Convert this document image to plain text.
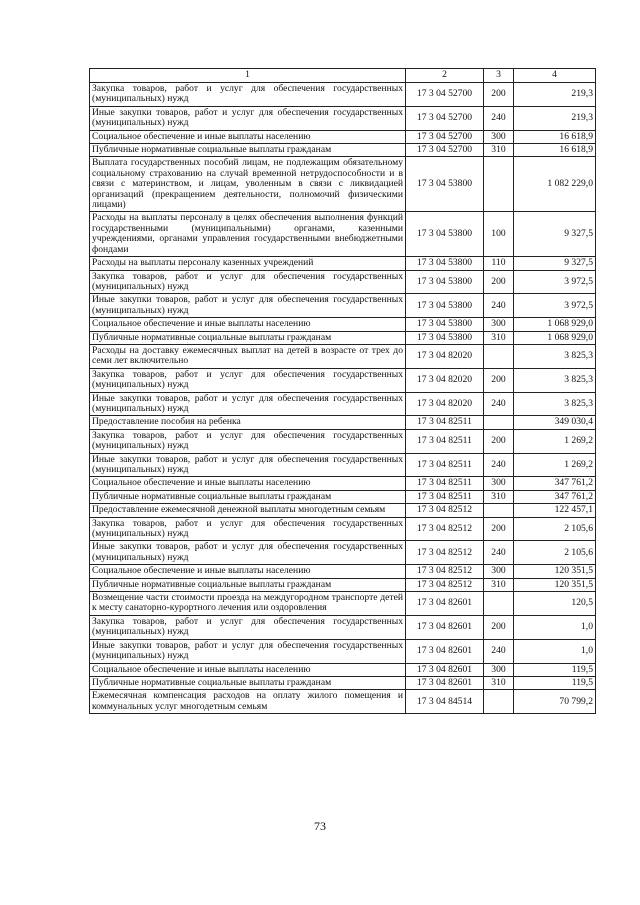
1	2	3	4
Закупка товаров, работ и услуг для обеспечения государственных (муниципальных) нужд	17 3 04 52700	200	219,3
Иные закупки товаров, работ и услуг для обеспечения государственных (муниципальных) нужд	17 3 04 52700	240	219,3
Социальное обеспечение и иные выплаты населению	17 3 04 52700	300	16 618,9
Публичные нормативные социальные выплаты гражданам	17 3 04 52700	310	16 618,9
Выплата государственных пособий лицам, не подлежащим обязательному социальному страхованию на случай временной нетрудоспособности и в связи с материнством, и лицам, уволенным в связи с ликвидацией организаций (прекращением деятельности, полномочий физическими лицами)	17 3 04 53800		1 082 229,0
Расходы на выплаты персоналу в целях обеспечения выполнения функций государственными (муниципальными) органами, казенными учреждениями, органами управления государственными внебюджетными фондами	17 3 04 53800	100	9 327,5
Расходы на выплаты персоналу казенных учреждений	17 3 04 53800	110	9 327,5
Закупка товаров, работ и услуг для обеспечения государственных (муниципальных) нужд	17 3 04 53800	200	3 972,5
Иные закупки товаров, работ и услуг для обеспечения государственных (муниципальных) нужд	17 3 04 53800	240	3 972,5
Социальное обеспечение и иные выплаты населению	17 3 04 53800	300	1 068 929,0
Публичные нормативные социальные выплаты гражданам	17 3 04 53800	310	1 068 929,0
Расходы на доставку ежемесячных выплат на детей в возрасте от трех до семи лет включительно	17 3 04 82020		3 825,3
Закупка товаров, работ и услуг для обеспечения государственных (муниципальных) нужд	17 3 04 82020	200	3 825,3
Иные закупки товаров, работ и услуг для обеспечения государственных (муниципальных) нужд	17 3 04 82020	240	3 825,3
Предоставление пособия на ребенка	17 3 04 82511		349 030,4
Закупка товаров, работ и услуг для обеспечения государственных (муниципальных) нужд	17 3 04 82511	200	1 269,2
Иные закупки товаров, работ и услуг для обеспечения государственных (муниципальных) нужд	17 3 04 82511	240	1 269,2
Социальное обеспечение и иные выплаты населению	17 3 04 82511	300	347 761,2
Публичные нормативные социальные выплаты гражданам	17 3 04 82511	310	347 761,2
Предоставление ежемесячной денежной выплаты многодетным семьям	17 3 04 82512		122 457,1
Закупка товаров, работ и услуг для обеспечения государственных (муниципальных) нужд	17 3 04 82512	200	2 105,6
Иные закупки товаров, работ и услуг для обеспечения государственных (муниципальных) нужд	17 3 04 82512	240	2 105,6
Социальное обеспечение и иные выплаты населению	17 3 04 82512	300	120 351,5
Публичные нормативные социальные выплаты гражданам	17 3 04 82512	310	120 351,5
Возмещение части стоимости проезда на междугородном транспорте детей к месту санаторно-курортного лечения или оздоровления	17 3 04 82601		120,5
Закупка товаров, работ и услуг для обеспечения государственных (муниципальных) нужд	17 3 04 82601	200	1,0
Иные закупки товаров, работ и услуг для обеспечения государственных (муниципальных) нужд	17 3 04 82601	240	1,0
Социальное обеспечение и иные выплаты населению	17 3 04 82601	300	119,5
Публичные нормативные социальные выплаты гражданам	17 3 04 82601	310	119,5
Ежемесячная компенсация расходов на оплату жилого помещения и коммунальных услуг многодетным семьям	17 3 04 84514		70 799,2
73
